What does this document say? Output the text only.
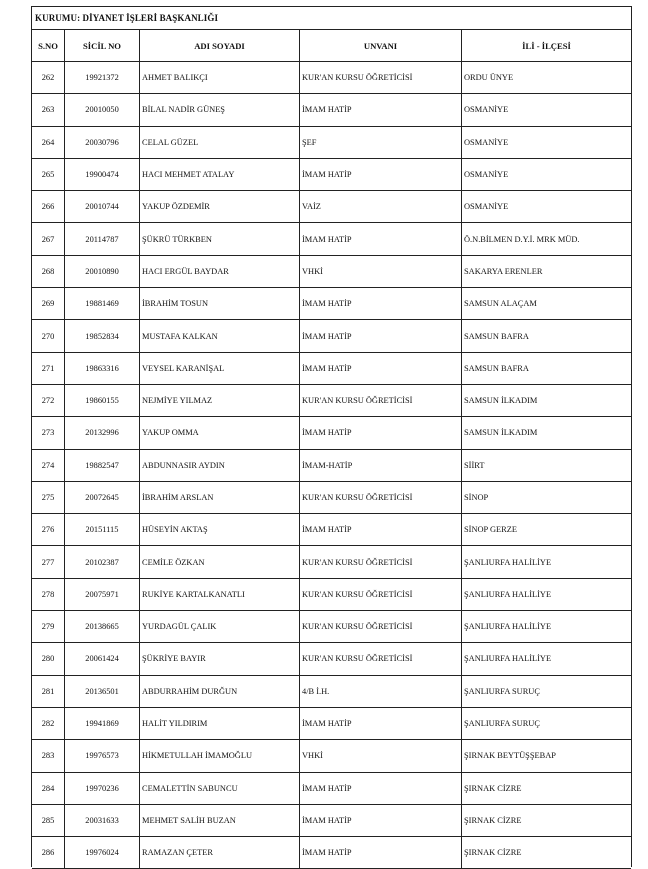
KURUMU: DİYANET İŞLERİ BAŞKANLIĞI
S.NO	SİCİL NO	ADI SOYADI	UNVANI	İLİ - İLÇESİ
262	19921372	AHMET BALIKÇI	KUR'AN KURSU ÖĞRETİCİSİ	ORDU ÜNYE
263	20010050	BİLAL NADİR GÜNEŞ	İMAM HATİP	OSMANİYE
264	20030796	CELAL GÜZEL	ŞEF	OSMANİYE
265	19900474	HACI MEHMET ATALAY	İMAM HATİP	OSMANİYE
266	20010744	YAKUP ÖZDEMİR	VAİZ	OSMANİYE
267	20114787	ŞÜKRÜ TÜRKBEN	İMAM HATİP	Ö.N.BİLMEN D.Y.İ. MRK MÜD.
268	20010890	HACI ERGÜL BAYDAR	VHKİ	SAKARYA ERENLER
269	19881469	İBRAHİM TOSUN	İMAM HATİP	SAMSUN ALAÇAM
270	19852834	MUSTAFA KALKAN	İMAM HATİP	SAMSUN BAFRA
271	19863316	VEYSEL KARANİŞAL	İMAM HATİP	SAMSUN BAFRA
272	19860155	NEJMİYE YILMAZ	KUR'AN KURSU ÖĞRETİCİSİ	SAMSUN İLKADIM
273	20132996	YAKUP OMMA	İMAM HATİP	SAMSUN İLKADIM
274	19882547	ABDUNNASIR AYDIN	İMAM-HATİP	SİİRT
275	20072645	İBRAHİM ARSLAN	KUR'AN KURSU ÖĞRETİCİSİ	SİNOP
276	20151115	HÜSEYİN AKTAŞ	İMAM HATİP	SİNOP GERZE
277	20102387	CEMİLE ÖZKAN	KUR'AN KURSU ÖĞRETİCİSİ	ŞANLIURFA HALİLİYE
278	20075971	RUKİYE KARTALKANATLI	KUR'AN KURSU ÖĞRETİCİSİ	ŞANLIURFA HALİLİYE
279	20138665	YURDAGÜL ÇALIK	KUR'AN KURSU ÖĞRETİCİSİ	ŞANLIURFA HALİLİYE
280	20061424	ŞÜKRİYE BAYIR	KUR'AN KURSU ÖĞRETİCİSİ	ŞANLIURFA HALİLİYE
281	20136501	ABDURRAHİM DURĞUN	4/B İ.H.	ŞANLIURFA SURUÇ
282	19941869	HALİT YILDIRIM	İMAM HATİP	ŞANLIURFA SURUÇ
283	19976573	HİKMETULLAH İMAMOĞLU	VHKİ	ŞIRNAK BEYTÜŞŞEBAP
284	19970236	CEMALETTİN SABUNCU	İMAM HATİP	ŞIRNAK CİZRE
285	20031633	MEHMET SALİH BUZAN	İMAM HATİP	ŞIRNAK CİZRE
286	19976024	RAMAZAN ÇETER	İMAM HATİP	ŞIRNAK CİZRE
